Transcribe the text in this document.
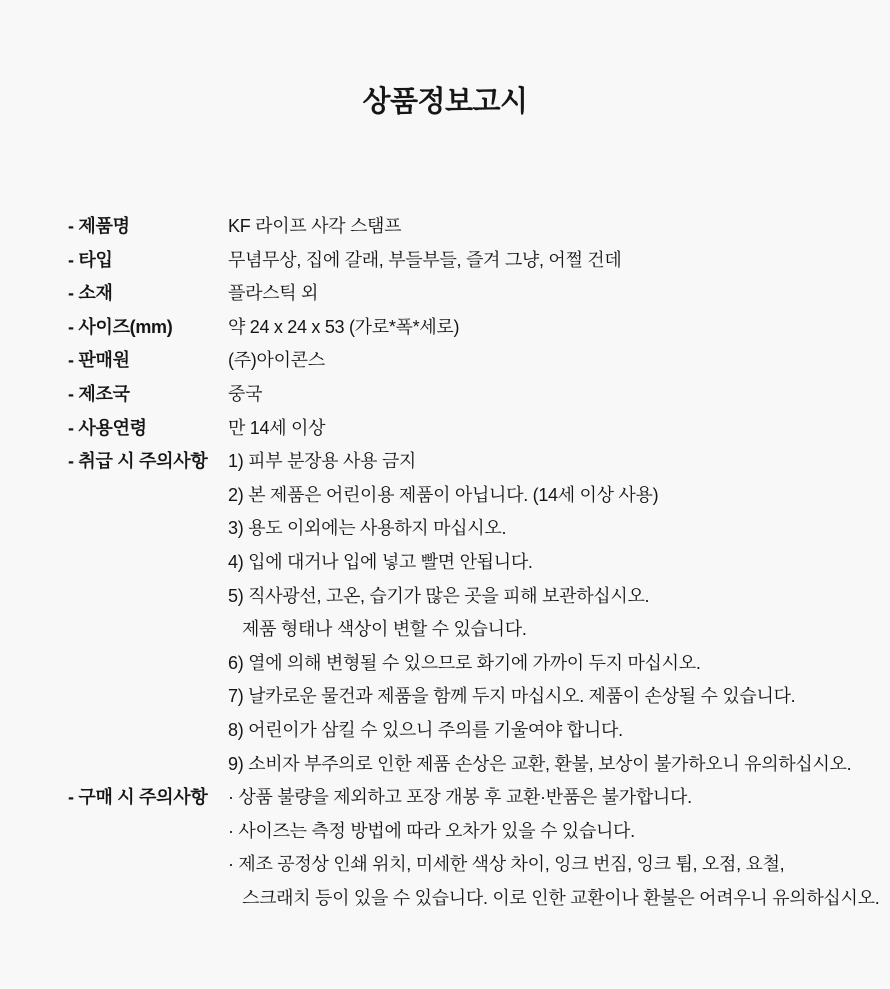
상품정보고시
- 제품명	KF 라이프 사각 스탬프
- 타입	무념무상, 집에 갈래, 부들부들, 즐겨 그냥, 어쩔 건데
- 소재	플라스틱 외
- 사이즈(mm)	약 24 x 24 x 53 (가로*폭*세로)
- 판매원	(주)아이콘스
- 제조국	중국
- 사용연령	만 14세 이상
- 취급 시 주의사항	1) 피부 분장용 사용 금지
2) 본 제품은 어린이용 제품이 아닙니다. (14세 이상 사용)
3) 용도 이외에는 사용하지 마십시오.
4) 입에 대거나 입에 넣고 빨면 안됩니다.
5) 직사광선, 고온, 습기가 많은 곳을 피해 보관하십시오.
제품 형태나 색상이 변할 수 있습니다.
6) 열에 의해 변형될 수 있으므로 화기에 가까이 두지 마십시오.
7) 날카로운 물건과 제품을 함께 두지 마십시오. 제품이 손상될 수 있습니다.
8) 어린이가 삼킬 수 있으니 주의를 기울여야 합니다.
9) 소비자 부주의로 인한 제품 손상은 교환, 환불, 보상이 불가하오니 유의하십시오.
- 구매 시 주의사항	· 상품 불량을 제외하고 포장 개봉 후 교환·반품은 불가합니다.
· 사이즈는 측정 방법에 따라 오차가 있을 수 있습니다.
· 제조 공정상 인쇄 위치, 미세한 색상 차이, 잉크 번짐, 잉크 튐, 오점, 요철,
스크래치 등이 있을 수 있습니다. 이로 인한 교환이나 환불은 어려우니 유의하십시오.
